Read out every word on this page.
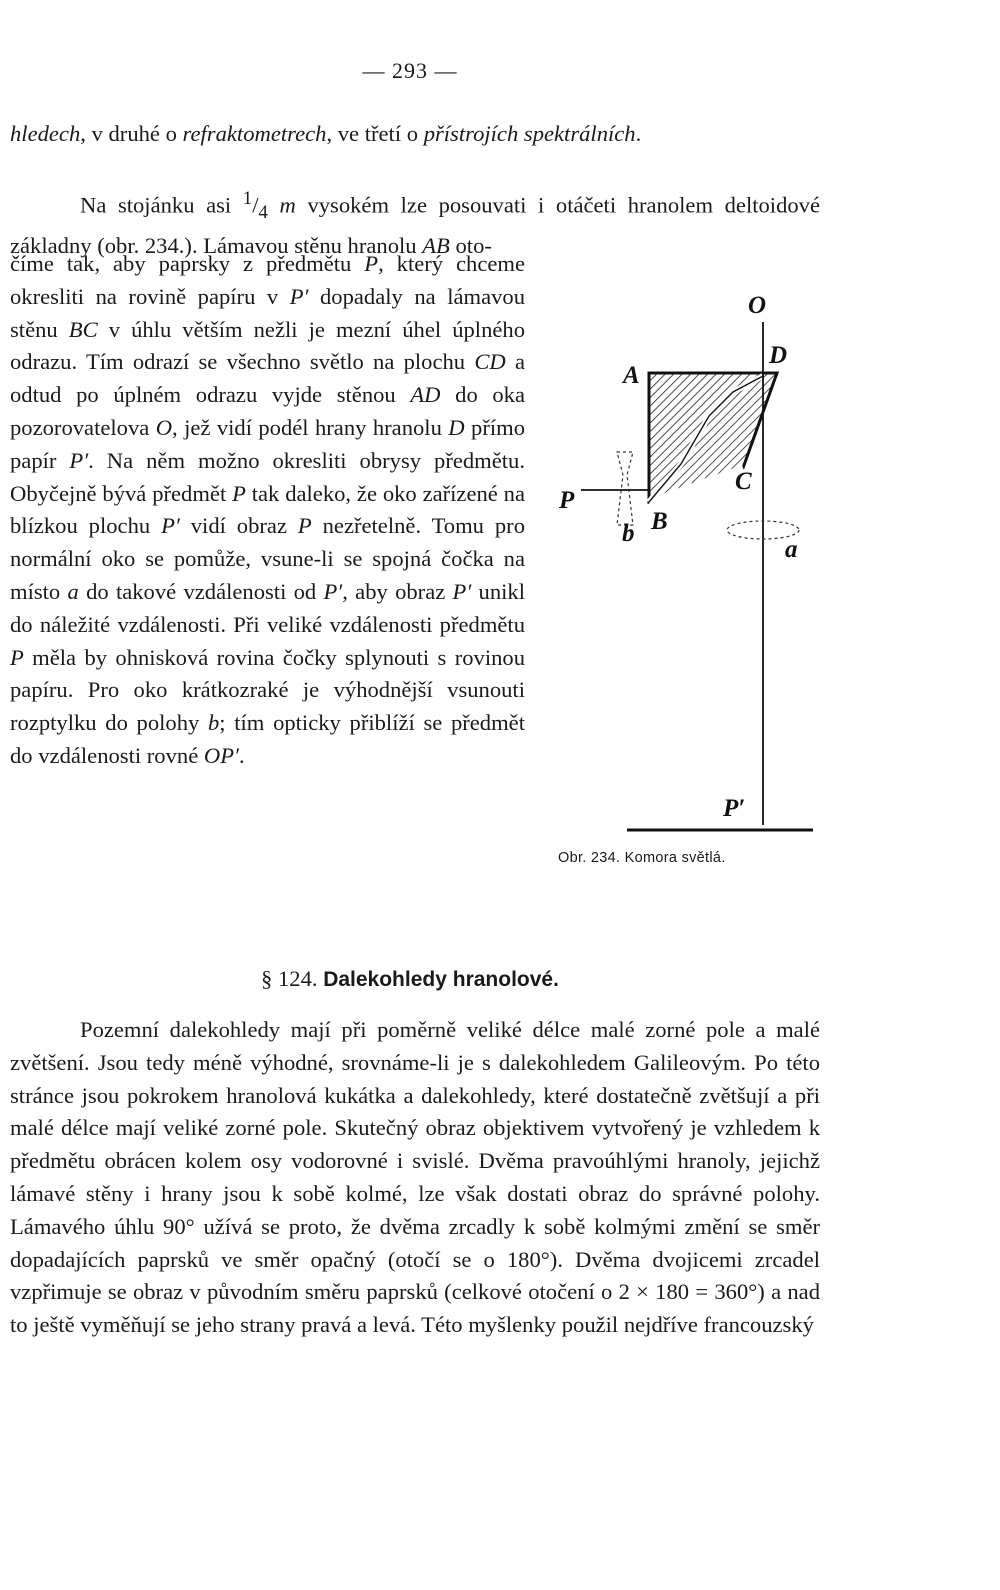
— 293 —

hledech, v druhé o refraktometrech, ve třetí o přístrojích spektrálních.

Na stojánku asi $^1/_4$ m vysokém lze posouvati i otáčeti hranolem deltoidové základny (obr. 234.). Lámavou stěnu hranolu AB oto-

číme tak, aby paprsky z předmětu P, který chceme okresliti na rovině papíru v P′ dopadaly na lámavou stěnu BC v úhlu větším nežli je mezní úhel úplného odrazu. Tím odrazí se všechno světlo na plochu CD a odtud po úplném odrazu vyjde stěnou AD do oka pozorovatelova O, jež vidí podél hrany hranolu D přímo papír P′. Na něm možno okresliti obrysy předmětu. Obyčejně bývá předmět P tak daleko, že oko zařízené na blízkou plochu P′ vidí obraz P nezřetelně. Tomu pro normální oko se pomůže, vsune-li se spojná čočka na místo a do takové vzdálenosti od P′, aby obraz P′ unikl do náležité vzdálenosti. Při veliké vzdálenosti předmětu P měla by ohnisková rovina čočky splynouti s rovinou papíru. Pro oko krátkozraké je výhodnější vsunouti rozptylku do polohy b; tím opticky přiblíží se předmět do vzdálenosti rovné OP′.

O
D
A
C
P
B
b
a
P′
Obr. 234. Komora světlá.
§ 124. Dalekohledy hranolové.

Pozemní dalekohledy mají při poměrně veliké délce malé zorné pole a malé zvětšení. Jsou tedy méně výhodné, srovnáme-li je s dalekohledem Galileovým. Po této stránce jsou pokrokem hranolová kukátka a dalekohledy, které dostatečně zvětšují a při malé délce mají veliké zorné pole. Skutečný obraz objektivem vytvořený je vzhledem k předmětu obrácen kolem osy vodorovné i svislé. Dvěma pravoúhlými hranoly, jejichž lámavé stěny i hrany jsou k sobě kolmé, lze však dostati obraz do správné polohy. Lámavého úhlu 90° užívá se proto, že dvěma zrcadly k sobě kolmými změní se směr dopadajících paprsků ve směr opačný (otočí se o 180°). Dvěma dvojicemi zrcadel vzpřimuje se obraz v původním směru paprsků (celkové otočení o 2 × 180 = 360°) a nad to ještě vyměňují se jeho strany pravá a levá. Této myšlenky použil nejdříve francouzský
